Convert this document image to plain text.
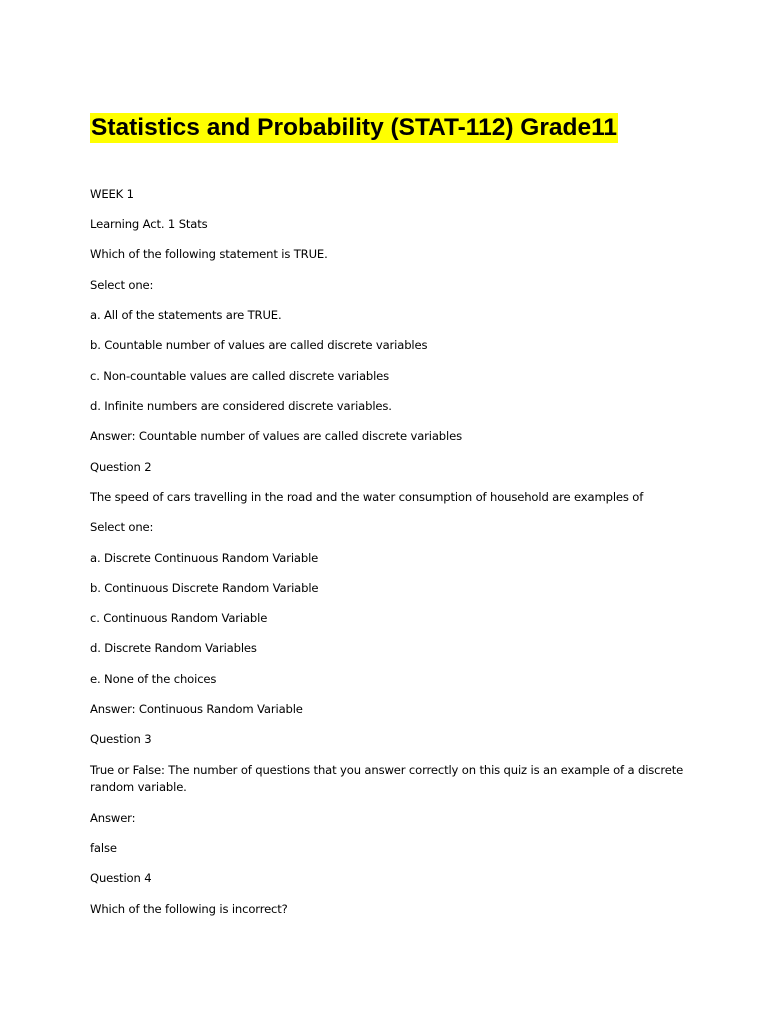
Statistics and Probability (STAT-112) Grade11

WEEK 1

Learning Act. 1 Stats

Which of the following statement is TRUE.

Select one:

a. All of the statements are TRUE.

b. Countable number of values are called discrete variables

c. Non-countable values are called discrete variables

d. Infinite numbers are considered discrete variables.

Answer: Countable number of values are called discrete variables

Question 2

The speed of cars travelling in the road and the water consumption of household are examples of

Select one:

a. Discrete Continuous Random Variable

b. Continuous Discrete Random Variable

c. Continuous Random Variable

d. Discrete Random Variables

e. None of the choices

Answer: Continuous Random Variable

Question 3

True or False: The number of questions that you answer correctly on this quiz is an example of a discrete random variable.

Answer:

false

Question 4

Which of the following is incorrect?
